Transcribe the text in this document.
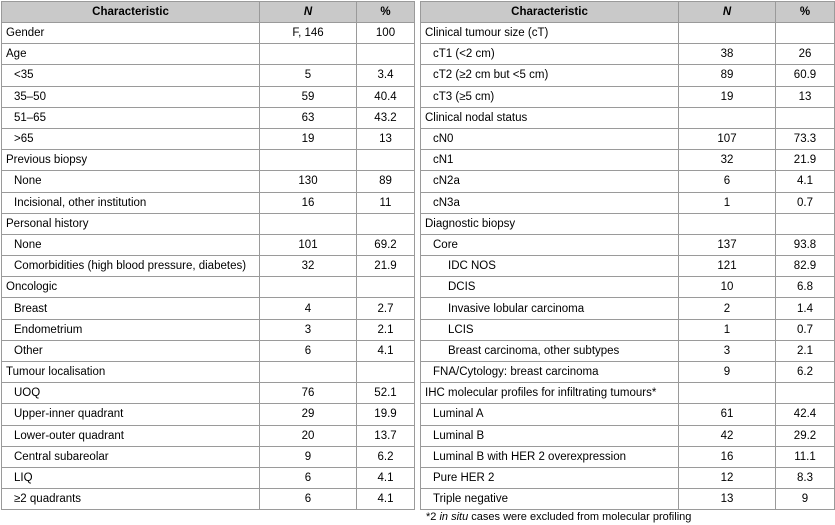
Characteristic	N	%
Gender	F, 146	100
Age		
<35	5	3.4
35–50	59	40.4
51–65	63	43.2
>65	19	13
Previous biopsy		
None	130	89
Incisional, other institution	16	11
Personal history		
None	101	69.2
Comorbidities (high blood pressure, diabetes)	32	21.9
Oncologic		
Breast	4	2.7
Endometrium	3	2.1
Other	6	4.1
Tumour localisation		
UOQ	76	52.1
Upper-inner quadrant	29	19.9
Lower-outer quadrant	20	13.7
Central subareolar	9	6.2
LIQ	6	4.1
≥2 quadrants	6	4.1
Characteristic	N	%
Clinical tumour size (cT)		
cT1 (<2 cm)	38	26
cT2 (≥2 cm but <5 cm)	89	60.9
cT3 (≥5 cm)	19	13
Clinical nodal status		
cN0	107	73.3
cN1	32	21.9
cN2a	6	4.1
cN3a	1	0.7
Diagnostic biopsy		
Core	137	93.8
IDC NOS	121	82.9
DCIS	10	6.8
Invasive lobular carcinoma	2	1.4
LCIS	1	0.7
Breast carcinoma, other subtypes	3	2.1
FNA/Cytology: breast carcinoma	9	6.2
IHC molecular profiles for infiltrating tumours*		
Luminal A	61	42.4
Luminal B	42	29.2
Luminal B with HER 2 overexpression	16	11.1
Pure HER 2	12	8.3
Triple negative	13	9
*2 in situ cases were excluded from molecular profiling
